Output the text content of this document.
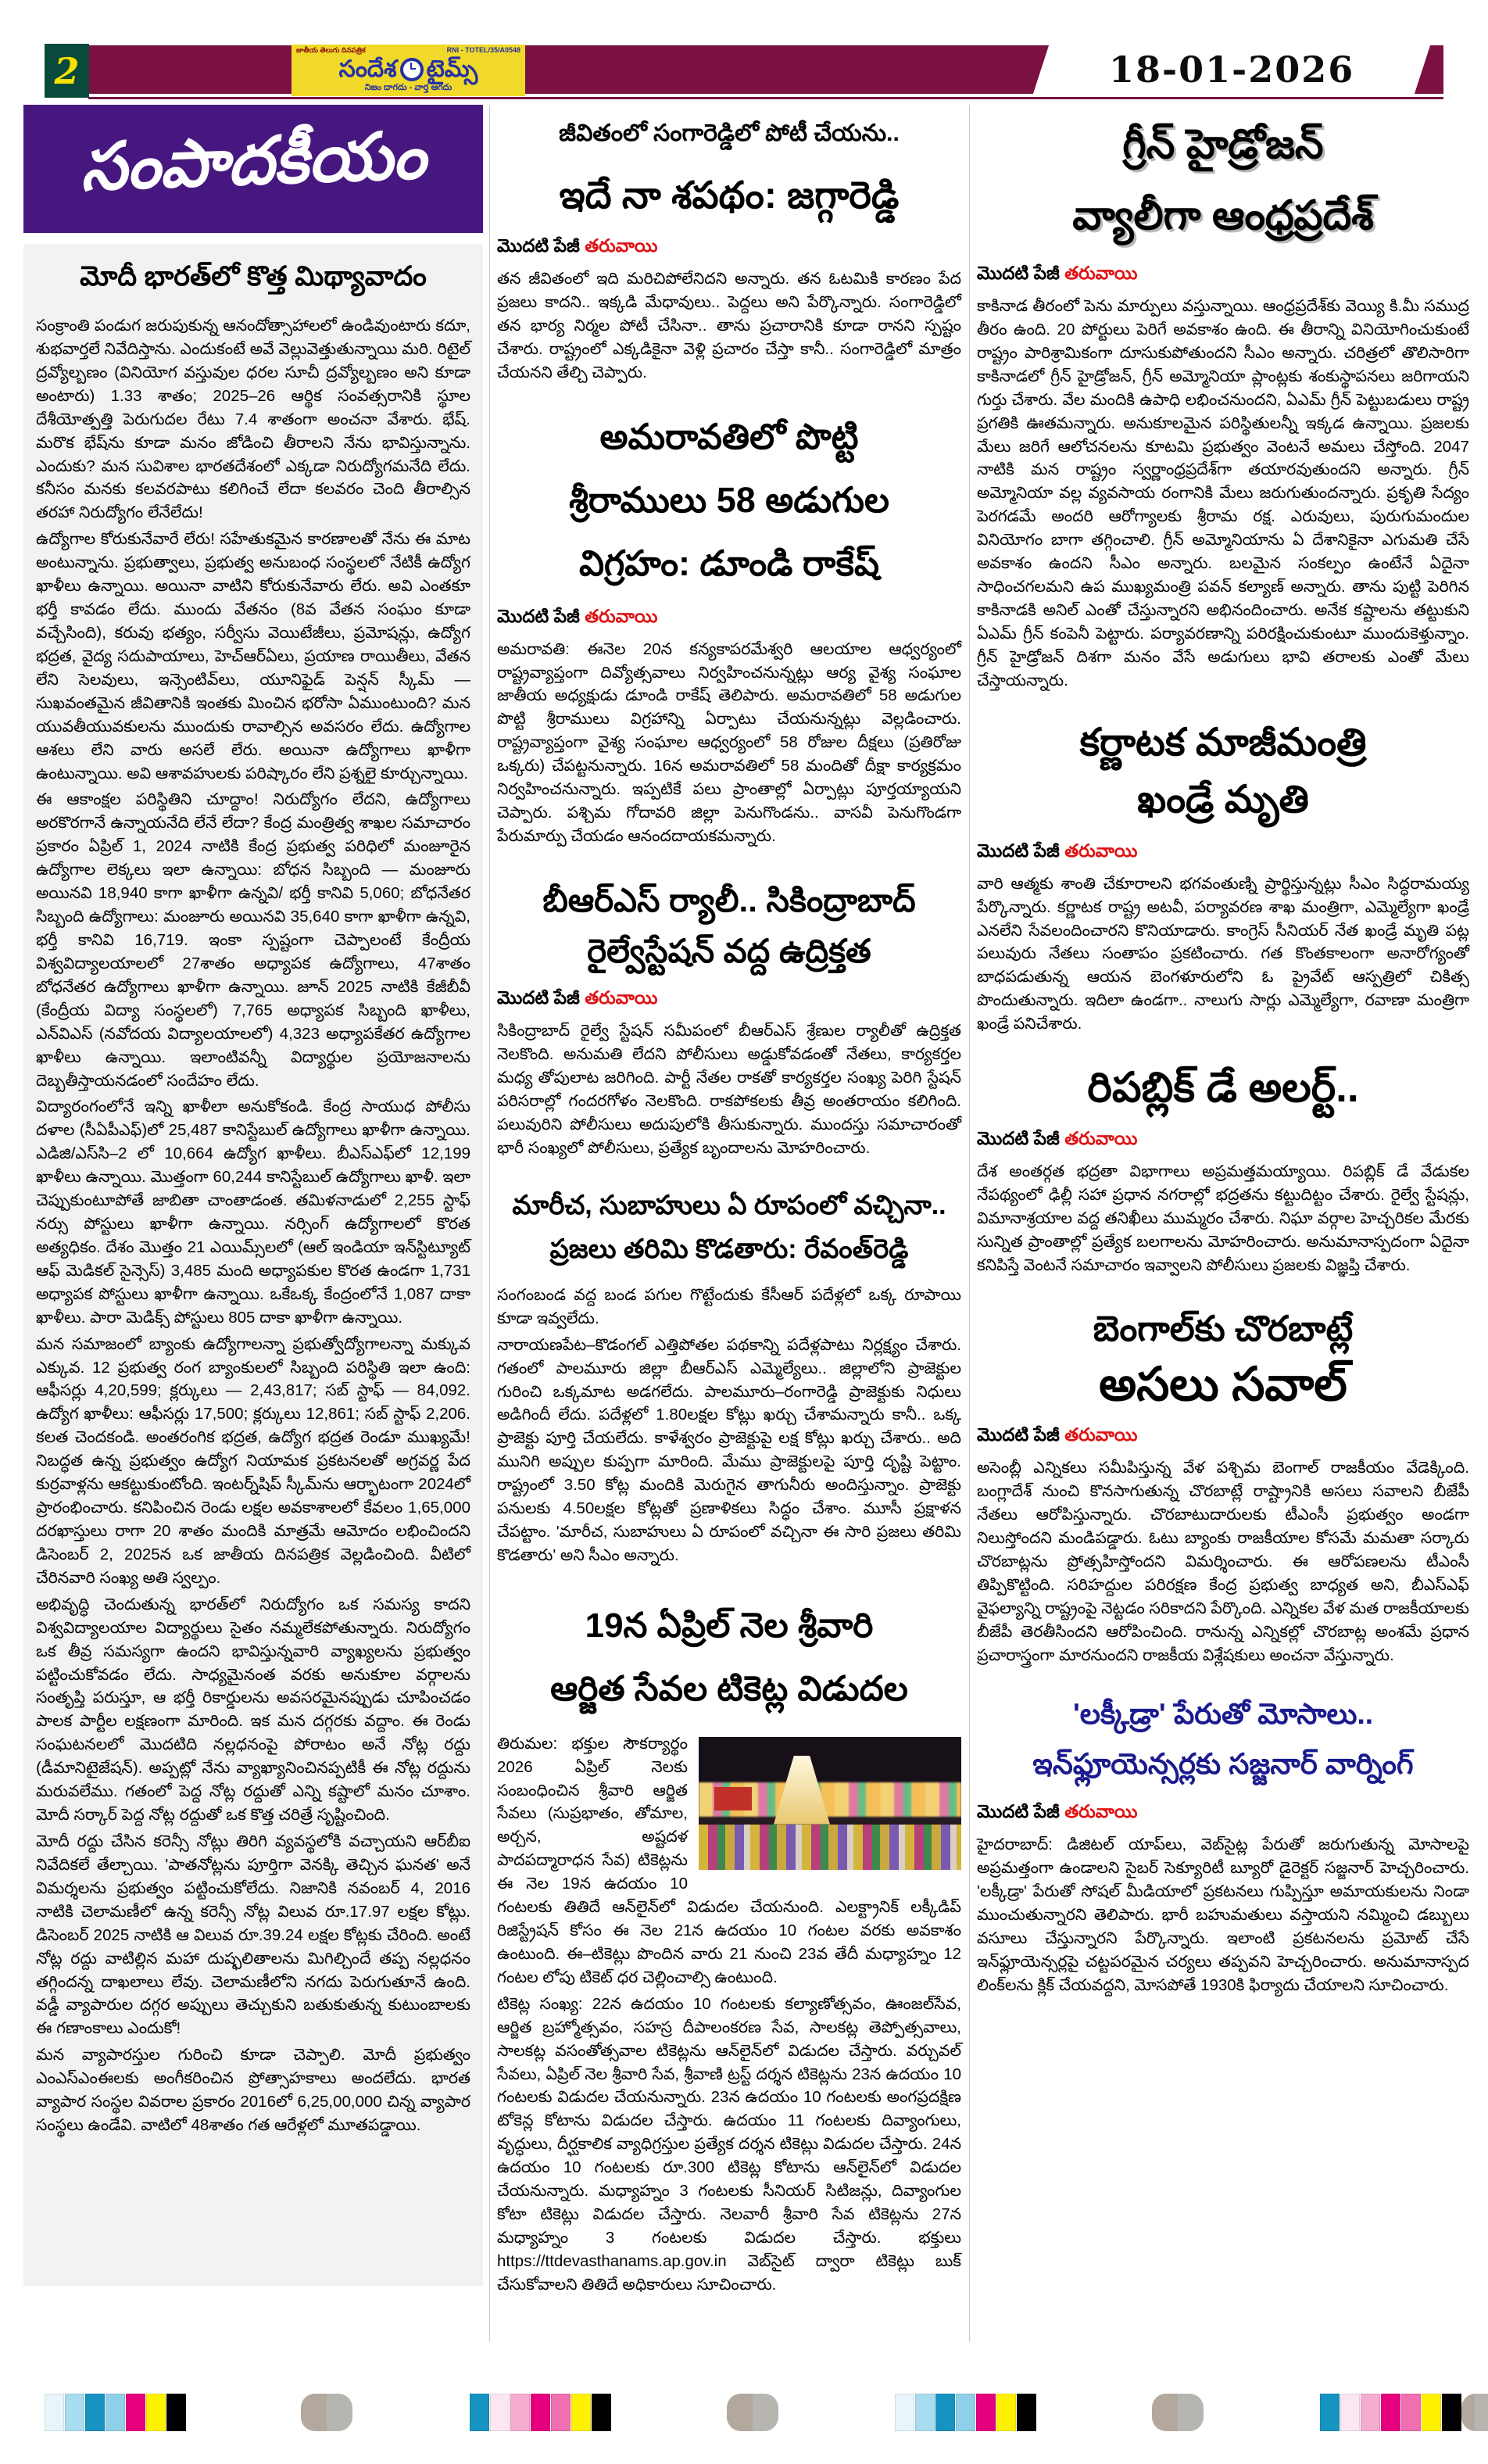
2	జాతీయ తెలుగు దినపత్రిక	RNI - TOTEL/35/A0548
సందేశ టైమ్స్
నిజం దాగదు - వార్త ఆగదు	18-01-2026
సంపాదకీయం
మోదీ భారత్‌లో కొత్త మిథ్యావాదం

సంక్రాంతి పండుగ జరుపుకున్న ఆనందోత్సాహాలలో ఉండివుంటారు కదూ, శుభవార్తలే నివేదిస్తాను. ఎందుకంటే అవే వెల్లువెత్తుతున్నాయి మరి. రిటైల్ ద్రవ్యోల్బణం (వినియోగ వస్తువుల ధరల సూచీ ద్రవ్యోల్బణం అని కూడా అంటారు) 1.33 శాతం; 2025–26 ఆర్థిక సంవత్సరానికి స్థూల దేశీయోత్పత్తి పెరుగుదల రేటు 7.4 శాతంగా అంచనా వేశారు. భేష్. మరొక భేష్‌ను కూడా మనం జోడించి తీరాలని నేను భావిస్తున్నాను. ఎందుకు? మన సువిశాల భారతదేశంలో ఎక్కడా నిరుద్యోగమనేది లేదు. కనీసం మనకు కలవరపాటు కలిగించే లేదా కలవరం చెంది తీరాల్సిన తరహా నిరుద్యోగం లేనేలేదు!

ఉద్యోగాల కోరుకునేవారే లేరు! సహేతుకమైన కారణాలతో నేను ఈ మాట అంటున్నాను. ప్రభుత్వాలు, ప్రభుత్వ అనుబంధ సంస్థలలో నేటికీ ఉద్యోగ ఖాళీలు ఉన్నాయి. అయినా వాటిని కోరుకునేవారు లేరు. అవి ఎంతకూ భర్తీ కావడం లేదు. ముందు వేతనం (8వ వేతన సంఘం కూడా వచ్చేసింది), కరువు భత్యం, సర్వీసు వెయిటేజీలు, ప్రమోషన్లు, ఉద్యోగ భద్రత, వైద్య సదుపాయాలు, హెచ్ఆర్ఏలు, ప్రయాణ రాయితీలు, వేతన లేని సెలవులు, ఇన్సెంటివ్‌లు, యూనిఫైడ్ పెన్షన్ స్కీమ్ — సుఖవంతమైన జీవితానికి ఇంతకు మించిన భరోసా ఏముంటుంది? మన యువతీయువకులను ముందుకు రావాల్సిన అవసరం లేదు. ఉద్యోగాల ఆశలు లేని వారు అసలే లేరు. అయినా ఉద్యోగాలు ఖాళీగా ఉంటున్నాయి. అవి ఆశావహులకు పరిష్కారం లేని ప్రశ్నలై కూర్చున్నాయి.

ఈ ఆకాంక్షల పరిస్థితిని చూద్దాం! నిరుద్యోగం లేదని, ఉద్యోగాలు అరకొరగానే ఉన్నాయనేది లేనే లేదా? కేంద్ర మంత్రిత్వ శాఖల సమాచారం ప్రకారం ఏప్రిల్ 1, 2024 నాటికి కేంద్ర ప్రభుత్వ పరిధిలో మంజూరైన ఉద్యోగాల లెక్కలు ఇలా ఉన్నాయి: బోధన సిబ్బంది — మంజూరు అయినవి 18,940 కాగా ఖాళీగా ఉన్నవి/ భర్తీ కానివి 5,060; బోధనేతర సిబ్బంది ఉద్యోగాలు: మంజూరు అయినవి 35,640 కాగా ఖాళీగా ఉన్నవి, భర్తీ కానివి 16,719. ఇంకా స్పష్టంగా చెప్పాలంటే కేంద్రీయ విశ్వవిద్యాలయాలలో 27శాతం అధ్యాపక ఉద్యోగాలు, 47శాతం బోధనేతర ఉద్యోగాలు ఖాళీగా ఉన్నాయి. జూన్ 2025 నాటికి కేజీబీవీ (కేంద్రీయ విద్యా సంస్థలలో) 7,765 అధ్యాపక సిబ్బంది ఖాళీలు, ఎన్‌విఎస్ (నవోదయ విద్యాలయాలలో) 4,323 అధ్యాపకేతర ఉద్యోగాల ఖాళీలు ఉన్నాయి. ఇలాంటివన్నీ విద్యార్థుల ప్రయోజనాలను దెబ్బతీస్తాయనడంలో సందేహం లేదు.

విద్యారంగంలోనే ఇన్ని ఖాళీలా అనుకోకండి. కేంద్ర సాయుధ పోలీసు దళాల (సీఏపీఎఫ్)లో 25,487 కానిస్టేబుల్ ఉద్యోగాలు ఖాళీగా ఉన్నాయి. ఎడిజి/ఎస్‌సి–2 లో 10,664 ఉద్యోగ ఖాళీలు. బీఎస్ఎఫ్‌లో 12,199 ఖాళీలు ఉన్నాయి. మొత్తంగా 60,244 కానిస్టేబుల్ ఉద్యోగాలు ఖాళీ. ఇలా చెప్పుకుంటూపోతే జాబితా చాంతాడంత. తమిళనాడులో 2,255 స్టాఫ్ నర్సు పోస్టులు ఖాళీగా ఉన్నాయి. నర్సింగ్ ఉద్యోగాలలో కొరత అత్యధికం. దేశం మొత్తం 21 ఎయిమ్స్‌లలో (ఆల్ ఇండియా ఇన్‌స్టిట్యూట్ ఆఫ్ మెడికల్ సైన్సెస్) 3,485 మంది అధ్యాపకుల కొరత ఉండగా 1,731 అధ్యాపక పోస్టులు ఖాళీగా ఉన్నాయి. ఒకేఒక్క కేంద్రంలోనే 1,087 దాకా ఖాళీలు. పారా మెడిక్స్ పోస్టులు 805 దాకా ఖాళీగా ఉన్నాయి.

మన సమాజంలో బ్యాంకు ఉద్యోగాలన్నా ప్రభుత్వోద్యోగాలన్నా మక్కువ ఎక్కువ. 12 ప్రభుత్వ రంగ బ్యాంకులలో సిబ్బంది పరిస్థితి ఇలా ఉంది: ఆఫీసర్లు 4,20,599; క్లర్కులు — 2,43,817; సబ్ స్టాఫ్ — 84,092. ఉద్యోగ ఖాళీలు: ఆఫీసర్లు 17,500; క్లర్కులు 12,861; సబ్ స్టాఫ్ 2,206. కలత చెందకండి. అంతరంగిక భద్రత, ఉద్యోగ భద్రత రెండూ ముఖ్యమే! నిబద్ధత ఉన్న ప్రభుత్వం ఉద్యోగ నియామక ప్రకటనలతో అగ్రవర్ణ పేద కుర్రవాళ్లను ఆకట్టుకుంటోంది. ఇంటర్న్‌షిప్ స్కీమ్‌ను ఆర్భాటంగా 2024లో ప్రారంభించారు. కనిపించిన రెండు లక్షల అవకాశాలలో కేవలం 1,65,000 దరఖాస్తులు రాగా 20 శాతం మందికి మాత్రమే ఆమోదం లభించిందని డిసెంబర్ 2, 2025న ఒక జాతీయ దినపత్రిక వెల్లడించింది. వీటిలో చేరినవారి సంఖ్య అతి స్వల్పం.

అభివృద్ధి చెందుతున్న భారత్‌లో నిరుద్యోగం ఒక సమస్య కాదని విశ్వవిద్యాలయాల విద్యార్థులు సైతం నమ్మలేకపోతున్నారు. నిరుద్యోగం ఒక తీవ్ర సమస్యగా ఉందని భావిస్తున్నవారి వ్యాఖ్యలను ప్రభుత్వం పట్టించుకోవడం లేదు. సాధ్యమైనంత వరకు అనుకూల వర్గాలను సంతృప్తి పరుస్తూ, ఆ భర్తీ రికార్డులను అవసరమైనప్పుడు చూపించడం పాలక పార్టీల లక్షణంగా మారింది. ఇక మన దగ్గరకు వద్దాం. ఈ రెండు సంఘటనలలో మొదటిది నల్లధనంపై పోరాటం అనే నోట్ల రద్దు (డీమానిటైజేషన్). అప్పట్లో నేను వ్యాఖ్యానించినప్పటికీ ఈ నోట్ల రద్దును మరువలేము. గతంలో పెద్ద నోట్ల రద్దుతో ఎన్ని కష్టాలో మనం చూశాం. మోదీ సర్కార్ పెద్ద నోట్ల రద్దుతో ఒక కొత్త చరిత్రే సృష్టించింది.

మోదీ రద్దు చేసిన కరెన్సీ నోట్లు తిరిగి వ్యవస్థలోకి వచ్చాయని ఆర్‌బీఐ నివేదికలే తేల్చాయి. 'పాతనోట్లను పూర్తిగా వెనక్కి తెచ్చిన ఘనత' అనే విమర్శలను ప్రభుత్వం పట్టించుకోలేదు. నిజానికి నవంబర్ 4, 2016 నాటికి చెలామణీలో ఉన్న కరెన్సీ నోట్ల విలువ రూ.17.97 లక్షల కోట్లు. డిసెంబర్ 2025 నాటికి ఆ విలువ రూ.39.24 లక్షల కోట్లకు చేరింది. అంటే నోట్ల రద్దు వాటిల్లిన మహా దుష్ఫలితాలను మిగిల్చిందే తప్ప నల్లధనం తగ్గిందన్న దాఖలాలు లేవు. చెలామణీలోని నగదు పెరుగుతూనే ఉంది. వడ్డీ వ్యాపారుల దగ్గర అప్పులు తెచ్చుకుని బతుకుతున్న కుటుంబాలకు ఈ గణాంకాలు ఎందుకో!

మన వ్యాపారస్తుల గురించి కూడా చెప్పాలి. మోదీ ప్రభుత్వం ఎంఎస్ఎంఈలకు అంగీకరించిన ప్రోత్సాహకాలు అందలేదు. భారత వ్యాపార సంస్థల వివరాల ప్రకారం 2016లో 6,25,00,000 చిన్న వ్యాపార సంస్థలు ఉండేవి. వాటిలో 48శాతం గత ఆరేళ్లలో మూతపడ్డాయి.

జీవితంలో సంగారెడ్డిలో పోటీ చేయను..
ఇదే నా శపథం: జగ్గారెడ్డి
మొదటి పేజీ తరువాయి

తన జీవితంలో ఇది మరిచిపోలేనిదని అన్నారు. తన ఓటమికి కారణం పేద ప్రజలు కాదని.. ఇక్కడి మేధావులు.. పెద్దలు అని పేర్కొన్నారు. సంగారెడ్డిలో తన భార్య నిర్మల పోటీ చేసినా.. తాను ప్రచారానికి కూడా రానని స్పష్టం చేశారు. రాష్ట్రంలో ఎక్కడికైనా వెళ్లి ప్రచారం చేస్తా కానీ.. సంగారెడ్డిలో మాత్రం చేయనని తేల్చి చెప్పారు.

అమరావతిలో పొట్టి
శ్రీరాములు 58 అడుగుల
విగ్రహం: డూండి రాకేష్
మొదటి పేజీ తరువాయి

అమరావతి: ఈనెల 20న కన్యకాపరమేశ్వరి ఆలయాల ఆధ్వర్యంలో రాష్ట్రవ్యాప్తంగా దివ్యోత్సవాలు నిర్వహించనున్నట్లు ఆర్య వైశ్య సంఘాల జాతీయ అధ్యక్షుడు డూండి రాకేష్ తెలిపారు. అమరావతిలో 58 అడుగుల పొట్టి శ్రీరాములు విగ్రహాన్ని ఏర్పాటు చేయనున్నట్లు వెల్లడించారు. రాష్ట్రవ్యాప్తంగా వైశ్య సంఘాల ఆధ్వర్యంలో 58 రోజుల దీక్షలు (ప్రతిరోజు ఒక్కరు) చేపట్టనున్నారు. 16న అమరావతిలో 58 మందితో దీక్షా కార్యక్రమం నిర్వహించనున్నారు. ఇప్పటికే పలు ప్రాంతాల్లో ఏర్పాట్లు పూర్తయ్యాయని చెప్పారు. పశ్చిమ గోదావరి జిల్లా పెనుగొండను.. వాసవీ పెనుగొండగా పేరుమార్పు చేయడం ఆనందదాయకమన్నారు.

బీఆర్‌ఎస్ ర్యాలీ.. సికింద్రాబాద్
రైల్వేస్టేషన్ వద్ద ఉద్రిక్తత
మొదటి పేజీ తరువాయి

సికింద్రాబాద్ రైల్వే స్టేషన్ సమీపంలో బీఆర్ఎస్ శ్రేణుల ర్యాలీతో ఉద్రిక్తత నెలకొంది. అనుమతి లేదని పోలీసులు అడ్డుకోవడంతో నేతలు, కార్యకర్తల మధ్య తోపులాట జరిగింది. పార్టీ నేతల రాకతో కార్యకర్తల సంఖ్య పెరిగి స్టేషన్ పరిసరాల్లో గందరగోళం నెలకొంది. రాకపోకలకు తీవ్ర అంతరాయం కలిగింది. పలువురిని పోలీసులు అదుపులోకి తీసుకున్నారు. ముందస్తు సమాచారంతో భారీ సంఖ్యలో పోలీసులు, ప్రత్యేక బృందాలను మోహరించారు.

మారీచ, సుబాహులు ఏ రూపంలో వచ్చినా..
ప్రజలు తరిమి కొడతారు: రేవంత్‌రెడ్డి

సంగంబండ వద్ద బండ పగుల గొట్టేందుకు కేసీఆర్ పదేళ్లలో ఒక్క రూపాయి కూడా ఇవ్వలేదు.

నారాయణపేట–కొడంగల్ ఎత్తిపోతల పథకాన్ని పదేళ్లపాటు నిర్లక్ష్యం చేశారు. గతంలో పాలమూరు జిల్లా బీఆర్ఎస్ ఎమ్మెల్యేలు.. జిల్లాలోని ప్రాజెక్టుల గురించి ఒక్కమాట అడగలేదు. పాలమూరు–రంగారెడ్డి ప్రాజెక్టుకు నిధులు అడిగిందీ లేదు. పదేళ్లలో 1.80లక్షల కోట్లు ఖర్చు చేశామన్నారు కానీ.. ఒక్క ప్రాజెక్టు పూర్తి చేయలేదు. కాళేశ్వరం ప్రాజెక్టుపై లక్ష కోట్లు ఖర్చు చేశారు.. అది మునిగి అప్పుల కుప్పగా మారింది. మేము ప్రాజెక్టులపై పూర్తి దృష్టి పెట్టాం. రాష్ట్రంలో 3.50 కోట్ల మందికి మెరుగైన తాగునీరు అందిస్తున్నాం. ప్రాజెక్టు పనులకు 4.50లక్షల కోట్లతో ప్రణాళికలు సిద్ధం చేశాం. మూసీ ప్రక్షాళన చేపట్టాం. 'మారీచ, సుబాహులు ఏ రూపంలో వచ్చినా ఈ సారి ప్రజలు తరిమి కొడతారు' అని సీఎం అన్నారు.

19న ఏప్రిల్ నెల శ్రీవారి
ఆర్జిత సేవల టికెట్ల విడుదల

తిరుమల: భక్తుల సౌకర్యార్థం 2026 ఏప్రిల్ నెలకు సంబంధించిన శ్రీవారి ఆర్జిత సేవలు (సుప్రభాతం, తోమాల, అర్చన, అష్టదళ పాదపద్మారాధన సేవ) టికెట్లను ఈ నెల 19న ఉదయం 10 గంటలకు తితిదే ఆన్‌లైన్‌లో విడుదల చేయనుంది. ఎలక్ట్రానిక్ లక్కీడిప్ రిజిస్ట్రేషన్ కోసం ఈ నెల 21న ఉదయం 10 గంటల వరకు అవకాశం ఉంటుంది. ఈ–టికెట్లు పొందిన వారు 21 నుంచి 23వ తేదీ మధ్యాహ్నం 12 గంటల లోపు టికెట్ ధర చెల్లించాల్సి ఉంటుంది.

టికెట్ల సంఖ్య: 22న ఉదయం 10 గంటలకు కల్యాణోత్సవం, ఊంజల్‌సేవ, ఆర్జిత బ్రహ్మోత్సవం, సహస్ర దీపాలంకరణ సేవ, సాలకట్ల తెప్పోత్సవాలు, సాలకట్ల వసంతోత్సవాల టికెట్లను ఆన్‌లైన్‌లో విడుదల చేస్తారు. వర్చువల్ సేవలు, ఏప్రిల్ నెల శ్రీవారి సేవ, శ్రీవాణి ట్రస్ట్ దర్శన టికెట్లను 23న ఉదయం 10 గంటలకు విడుదల చేయనున్నారు. 23న ఉదయం 10 గంటలకు అంగప్రదక్షిణ టోకెన్ల కోటాను విడుదల చేస్తారు. ఉదయం 11 గంటలకు దివ్యాంగులు, వృద్ధులు, దీర్ఘకాలిక వ్యాధిగ్రస్తుల ప్రత్యేక దర్శన టికెట్లు విడుదల చేస్తారు. 24న ఉదయం 10 గంటలకు రూ.300 టికెట్ల కోటాను ఆన్‌లైన్‌లో విడుదల చేయనున్నారు. మధ్యాహ్నం 3 గంటలకు సీనియర్ సిటిజన్లు, దివ్యాంగుల కోటా టికెట్లు విడుదల చేస్తారు. నెలవారీ శ్రీవారి సేవ టికెట్లను 27న మధ్యాహ్నం 3 గంటలకు విడుదల చేస్తారు. భక్తులు https://ttdevasthanams.ap.gov.in వెబ్‌సైట్ ద్వారా టికెట్లు బుక్ చేసుకోవాలని తితిదే అధికారులు సూచించారు.

గ్రీన్ హైడ్రోజన్
వ్యాలీగా ఆంధ్రప్రదేశ్
మొదటి పేజీ తరువాయి

కాకినాడ తీరంలో పెను మార్పులు వస్తున్నాయి. ఆంధ్రప్రదేశ్‌కు వెయ్యి కి.మీ సముద్ర తీరం ఉంది. 20 పోర్టులు పెరిగే అవకాశం ఉంది. ఈ తీరాన్ని వినియోగించుకుంటే రాష్ట్రం పారిశ్రామికంగా దూసుకుపోతుందని సీఎం అన్నారు. చరిత్రలో తొలిసారిగా కాకినాడలో గ్రీన్ హైడ్రోజన్, గ్రీన్ అమ్మోనియా ప్లాంట్లకు శంకుస్థాపనలు జరిగాయని గుర్తు చేశారు. వేల మందికి ఉపాధి లభించనుందని, ఏఎమ్ గ్రీన్ పెట్టుబడులు రాష్ట్ర ప్రగతికి ఊతమన్నారు. అనుకూలమైన పరిస్థితులన్నీ ఇక్కడ ఉన్నాయి. ప్రజలకు మేలు జరిగే ఆలోచనలను కూటమి ప్రభుత్వం వెంటనే అమలు చేస్తోంది. 2047 నాటికి మన రాష్ట్రం స్వర్ణాంధ్రప్రదేశ్‌గా తయారవుతుందని అన్నారు. గ్రీన్ అమ్మోనియా వల్ల వ్యవసాయ రంగానికి మేలు జరుగుతుందన్నారు. ప్రకృతి సేద్యం పెరగడమే అందరి ఆరోగ్యాలకు శ్రీరామ రక్ష. ఎరువులు, పురుగుమందుల వినియోగం బాగా తగ్గించాలి. గ్రీన్ అమ్మోనియాను ఏ దేశానికైనా ఎగుమతి చేసే అవకాశం ఉందని సీఎం అన్నారు. బలమైన సంకల్పం ఉంటేనే ఏదైనా సాధించగలమని ఉప ముఖ్యమంత్రి పవన్ కల్యాణ్ అన్నారు. తాను పుట్టి పెరిగిన కాకినాడకి అనిల్ ఎంతో చేస్తున్నారని అభినందించారు. అనేక కష్టాలను తట్టుకుని ఏఎమ్ గ్రీన్ కంపెనీ పెట్టారు. పర్యావరణాన్ని పరిరక్షించుకుంటూ ముందుకెళ్తున్నాం. గ్రీన్ హైడ్రోజన్ దిశగా మనం వేసే అడుగులు భావి తరాలకు ఎంతో మేలు చేస్తాయన్నారు.

కర్ణాటక మాజీమంత్రి
ఖండ్రే మృతి
మొదటి పేజీ తరువాయి

వారి ఆత్మకు శాంతి చేకూరాలని భగవంతుణ్ని ప్రార్థిస్తున్నట్లు సీఎం సిద్ధరామయ్య పేర్కొన్నారు. కర్ణాటక రాష్ట్ర అటవీ, పర్యావరణ శాఖ మంత్రిగా, ఎమ్మెల్యేగా ఖండ్రే ఎనలేని సేవలందించారని కొనియాడారు. కాంగ్రెస్ సీనియర్ నేత ఖండ్రే మృతి పట్ల పలువురు నేతలు సంతాపం ప్రకటించారు. గత కొంతకాలంగా అనారోగ్యంతో బాధపడుతున్న ఆయన బెంగళూరులోని ఓ ప్రైవేట్ ఆస్పత్రిలో చికిత్స పొందుతున్నారు. ఇదిలా ఉండగా.. నాలుగు సార్లు ఎమ్మెల్యేగా, రవాణా మంత్రిగా ఖండ్రే పనిచేశారు.

రిపబ్లిక్ డే అలర్ట్..
మొదటి పేజీ తరువాయి

దేశ అంతర్గత భద్రతా విభాగాలు అప్రమత్తమయ్యాయి. రిపబ్లిక్ డే వేడుకల నేపథ్యంలో ఢిల్లీ సహా ప్రధాన నగరాల్లో భద్రతను కట్టుదిట్టం చేశారు. రైల్వే స్టేషన్లు, విమానాశ్రయాల వద్ద తనిఖీలు ముమ్మరం చేశారు. నిఘా వర్గాల హెచ్చరికల మేరకు సున్నిత ప్రాంతాల్లో ప్రత్యేక బలగాలను మోహరించారు. అనుమానాస్పదంగా ఏదైనా కనిపిస్తే వెంటనే సమాచారం ఇవ్వాలని పోలీసులు ప్రజలకు విజ్ఞప్తి చేశారు.

బెంగాల్‌కు చొరబాట్లే
అసలు సవాల్
మొదటి పేజీ తరువాయి

అసెంబ్లీ ఎన్నికలు సమీపిస్తున్న వేళ పశ్చిమ బెంగాల్ రాజకీయం వేడెక్కింది. బంగ్లాదేశ్ నుంచి కొనసాగుతున్న చొరబాట్లే రాష్ట్రానికి అసలు సవాలని బీజేపీ నేతలు ఆరోపిస్తున్నారు. చొరబాటుదారులకు టీఎంసీ ప్రభుత్వం అండగా నిలుస్తోందని మండిపడ్డారు. ఓటు బ్యాంకు రాజకీయాల కోసమే మమతా సర్కారు చొరబాట్లను ప్రోత్సహిస్తోందని విమర్శించారు. ఈ ఆరోపణలను టీఎంసీ తిప్పికొట్టింది. సరిహద్దుల పరిరక్షణ కేంద్ర ప్రభుత్వ బాధ్యత అని, బీఎస్ఎఫ్ వైఫల్యాన్ని రాష్ట్రంపై నెట్టడం సరికాదని పేర్కొంది. ఎన్నికల వేళ మత రాజకీయాలకు బీజేపీ తెరతీసిందని ఆరోపించింది. రానున్న ఎన్నికల్లో చొరబాట్ల అంశమే ప్రధాన ప్రచారాస్త్రంగా మారనుందని రాజకీయ విశ్లేషకులు అంచనా వేస్తున్నారు.

'లక్కీడ్రా' పేరుతో మోసాలు..
ఇన్‌ఫ్లూయెన్సర్లకు సజ్జనార్ వార్నింగ్
మొదటి పేజీ తరువాయి

హైదరాబాద్: డిజిటల్ యాప్‌లు, వెబ్‌సైట్ల పేరుతో జరుగుతున్న మోసాలపై అప్రమత్తంగా ఉండాలని సైబర్ సెక్యూరిటీ బ్యూరో డైరెక్టర్ సజ్జనార్ హెచ్చరించారు. 'లక్కీడ్రా' పేరుతో సోషల్ మీడియాలో ప్రకటనలు గుప్పిస్తూ అమాయకులను నిండా ముంచుతున్నారని తెలిపారు. భారీ బహుమతులు వస్తాయని నమ్మించి డబ్బులు వసూలు చేస్తున్నారని పేర్కొన్నారు. ఇలాంటి ప్రకటనలను ప్రమోట్ చేసే ఇన్‌ఫ్లూయెన్సర్లపై చట్టపరమైన చర్యలు తప్పవని హెచ్చరించారు. అనుమానాస్పద లింక్‌లను క్లిక్ చేయవద్దని, మోసపోతే 1930కి ఫిర్యాదు చేయాలని సూచించారు.
